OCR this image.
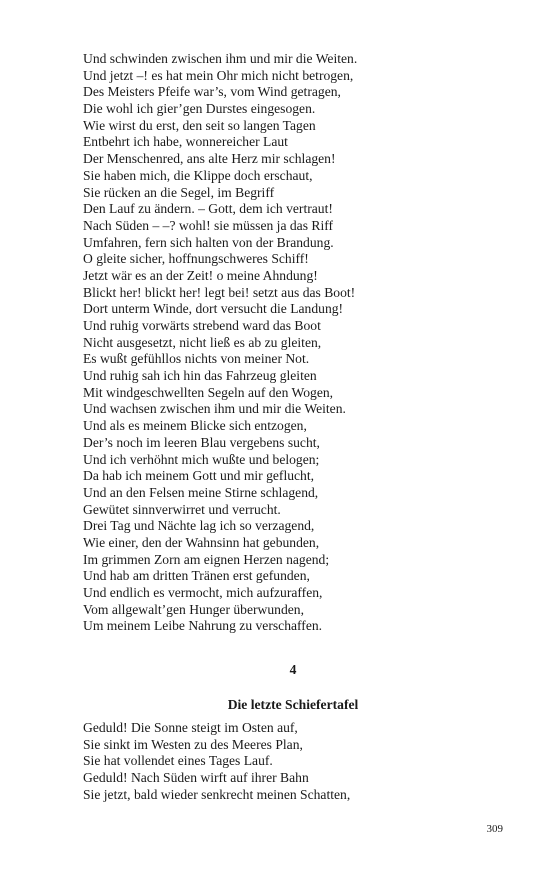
Und schwinden zwischen ihm und mir die Weiten.
Und jetzt –! es hat mein Ohr mich nicht betrogen,
Des Meisters Pfeife war’s, vom Wind getragen,
Die wohl ich gier’gen Durstes eingesogen.
Wie wirst du erst, den seit so langen Tagen
Entbehrt ich habe, wonnereicher Laut
Der Menschenred, ans alte Herz mir schlagen!
Sie haben mich, die Klippe doch erschaut,
Sie rücken an die Segel, im Begriff
Den Lauf zu ändern. – Gott, dem ich vertraut!
Nach Süden – –? wohl! sie müssen ja das Riff
Umfahren, fern sich halten von der Brandung.
O gleite sicher, hoffnungschweres Schiff!
Jetzt wär es an der Zeit! o meine Ahndung!
Blickt her! blickt her! legt bei! setzt aus das Boot!
Dort unterm Winde, dort versucht die Landung!
Und ruhig vorwärts strebend ward das Boot
Nicht ausgesetzt, nicht ließ es ab zu gleiten,
Es wußt gefühllos nichts von meiner Not.
Und ruhig sah ich hin das Fahrzeug gleiten
Mit windgeschwellten Segeln auf den Wogen,
Und wachsen zwischen ihm und mir die Weiten.
Und als es meinem Blicke sich entzogen,
Der’s noch im leeren Blau vergebens sucht,
Und ich verhöhnt mich wußte und belogen;
Da hab ich meinem Gott und mir geflucht,
Und an den Felsen meine Stirne schlagend,
Gewütet sinnverwirret und verrucht.
Drei Tag und Nächte lag ich so verzagend,
Wie einer, den der Wahnsinn hat gebunden,
Im grimmen Zorn am eignen Herzen nagend;
Und hab am dritten Tränen erst gefunden,
Und endlich es vermocht, mich aufzuraffen,
Vom allgewalt’gen Hunger überwunden,
Um meinem Leibe Nahrung zu verschaffen.
4
Die letzte Schiefertafel
Geduld! Die Sonne steigt im Osten auf,
Sie sinkt im Westen zu des Meeres Plan,
Sie hat vollendet eines Tages Lauf.
Geduld! Nach Süden wirft auf ihrer Bahn
Sie jetzt, bald wieder senkrecht meinen Schatten,
309
